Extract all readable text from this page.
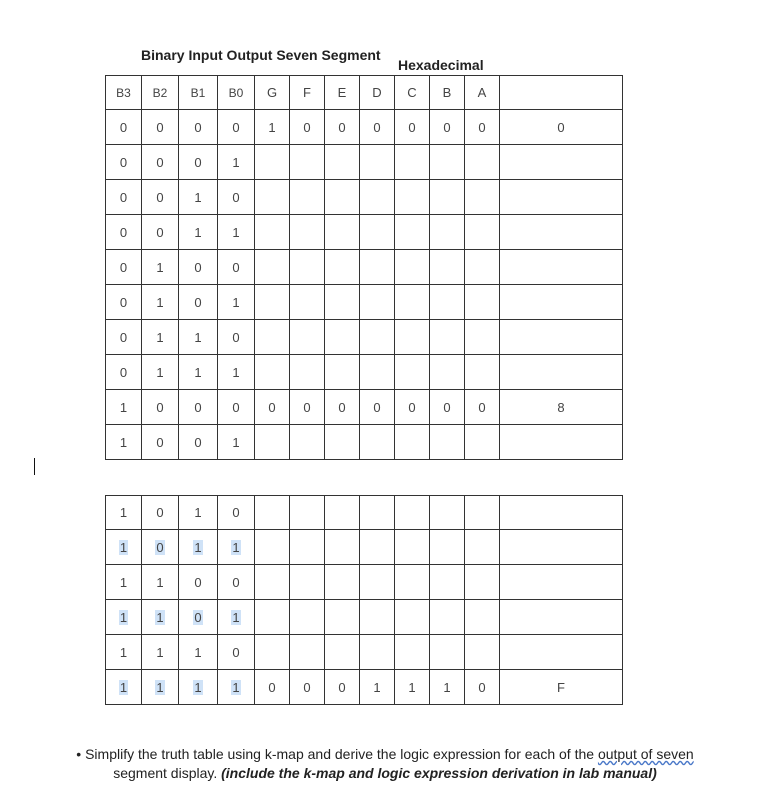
Binary Input Output Seven Segment
Hexadecimal
B3	B2	B1	B0	G	F	E	D	C	B	A	
0	0	0	0	1	0	0	0	0	0	0	0
0	0	0	1								
0	0	1	0								
0	0	1	1								
0	1	0	0								
0	1	0	1								
0	1	1	0								
0	1	1	1								
1	0	0	0	0	0	0	0	0	0	0	8
1	0	0	1								
1	0	1	0								
1	0	1	1								
1	1	0	0								
1	1	0	1								
1	1	1	0								
1	1	1	1	0	0	0	1	1	1	0	F
• Simplify the truth table using k-map and derive the logic expression for each of the output of seven
segment display. (include the k-map and logic expression derivation in lab manual)
